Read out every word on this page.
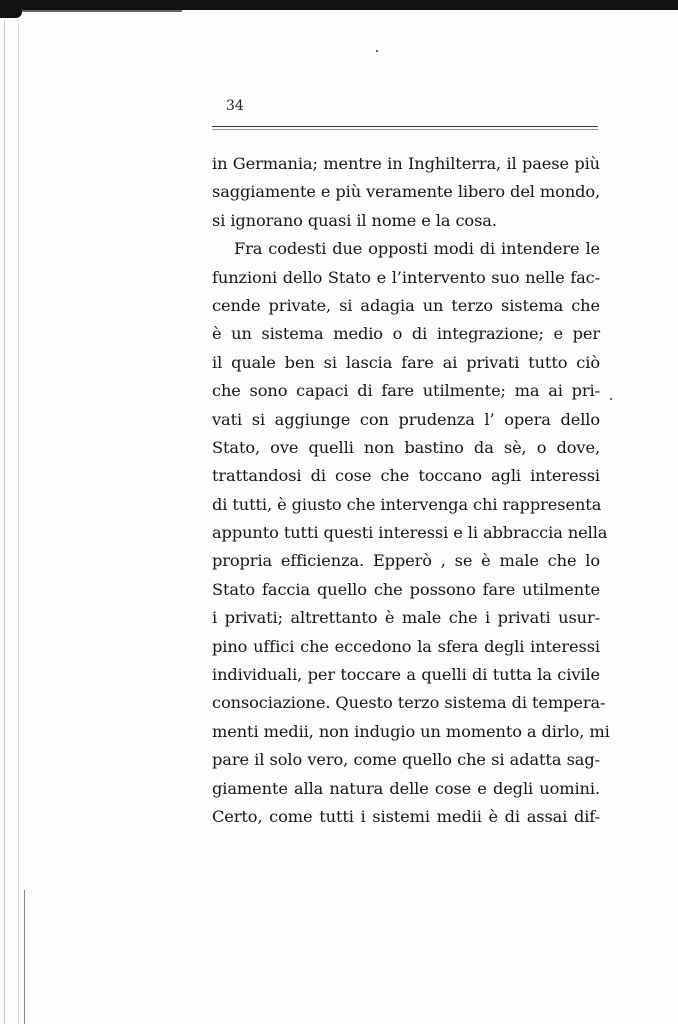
34
in Germania; mentre in Inghilterra, il paese più
saggiamente e più veramente libero del mondo,
si ignorano quasi il nome e la cosa.
Fra codesti due opposti modi di intendere le
funzioni dello Stato e l’intervento suo nelle fac-
cende private, si adagia un terzo sistema che
è un sistema medio o di integrazione; e per
il quale ben si lascia fare ai privati tutto ciò
che sono capaci di fare utilmente; ma ai pri-
vati si aggiunge con prudenza l’ opera dello
Stato, ove quelli non bastino da sè, o dove,
trattandosi di cose che toccano agli interessi
di tutti, è giusto che intervenga chi rappresenta
appunto tutti questi interessi e li abbraccia nella
propria efficienza. Epperò , se è male che lo
Stato faccia quello che possono fare utilmente
i privati; altrettanto è male che i privati usur-
pino uffici che eccedono la sfera degli interessi
individuali, per toccare a quelli di tutta la civile
consociazione. Questo terzo sistema di tempera-
menti medii, non indugio un momento a dirlo, mi
pare il solo vero, come quello che si adatta sag-
giamente alla natura delle cose e degli uomini.
Certo, come tutti i sistemi medii è di assai dif-
